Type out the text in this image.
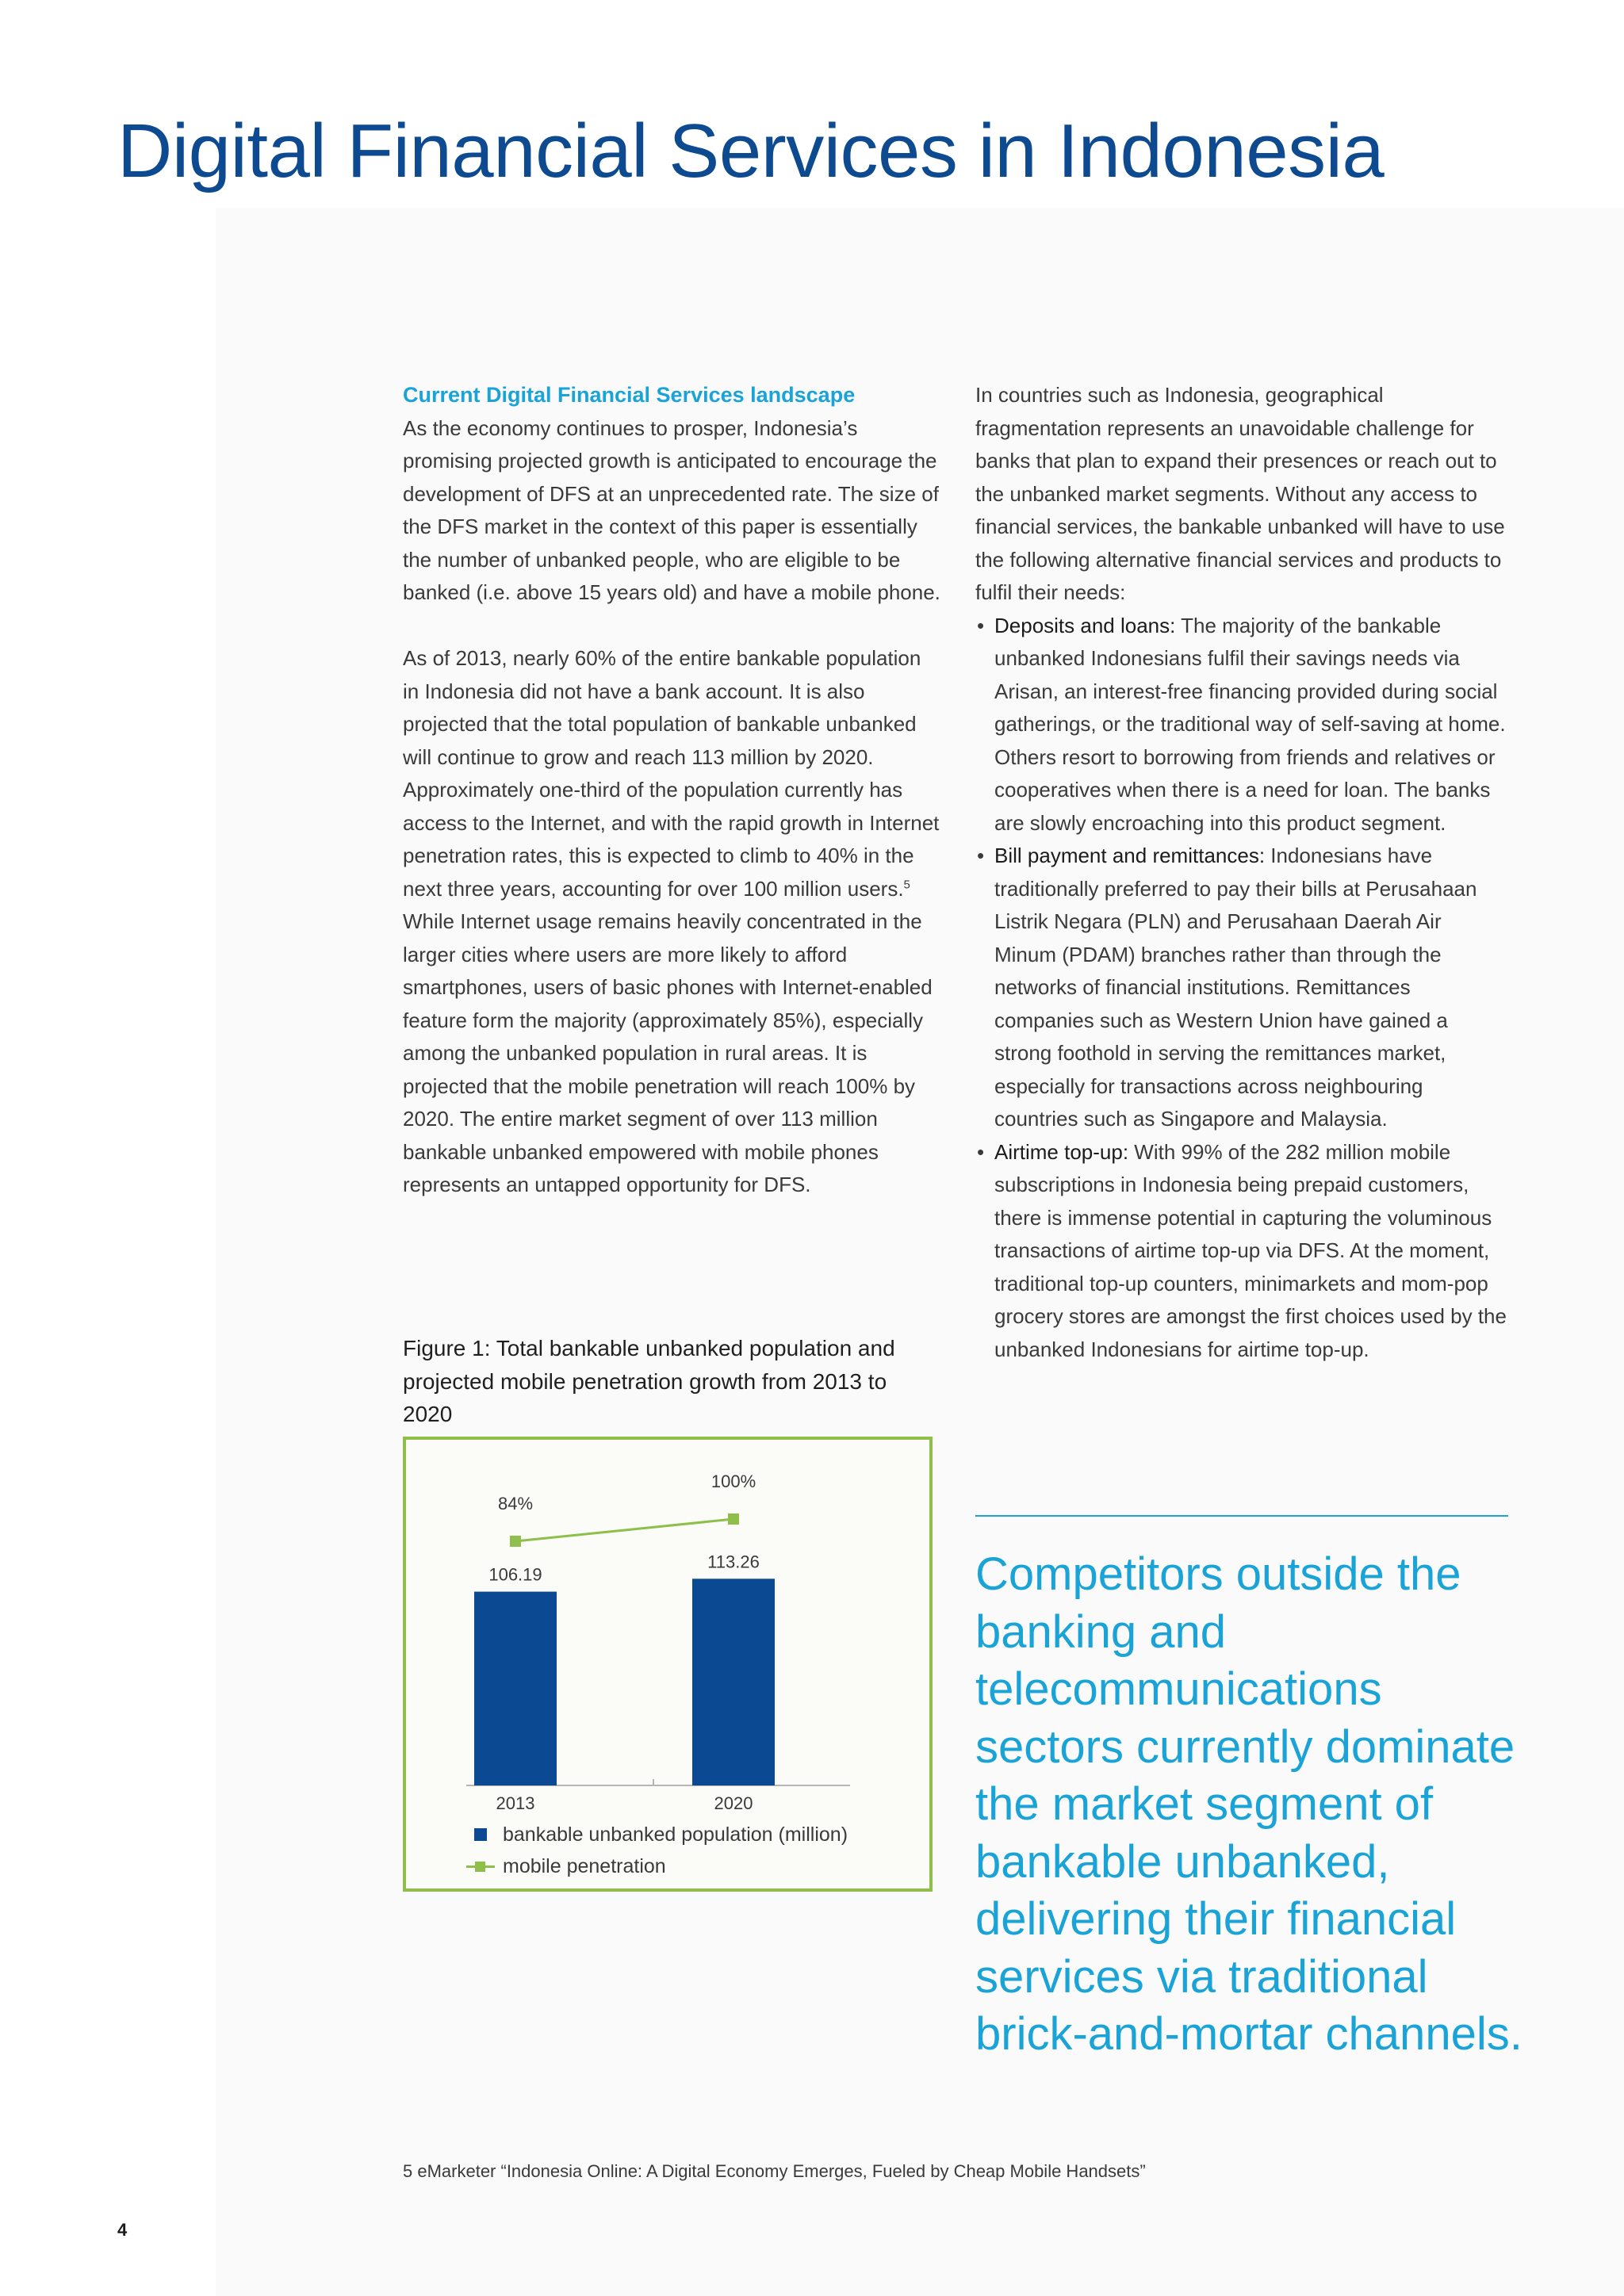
Digital Financial Services in Indonesia
Current Digital Financial Services landscape

As the economy continues to prosper, Indonesia’s promising projected growth is anticipated to encourage the development of DFS at an unprecedented rate. The size of the DFS market in the context of this paper is essentially the number of unbanked people, who are eligible to be banked (i.e. above 15 years old) and have a mobile phone.

As of 2013, nearly 60% of the entire bankable population in Indonesia did not have a bank account. It is also projected that the total population of bankable unbanked will continue to grow and reach 113 million by 2020. Approximately one-third of the population currently has access to the Internet, and with the rapid growth in Internet penetration rates, this is expected to climb to 40% in the next three years, accounting for over 100 million users.$^5$ While Internet usage remains heavily concentrated in the larger cities where users are more likely to afford smartphones, users of basic phones with Internet-enabled feature form the majority (approximately 85%), especially among the unbanked population in rural areas. It is projected that the mobile penetration will reach 100% by 2020. The entire market segment of over 113 million bankable unbanked empowered with mobile phones represents an untapped opportunity for DFS.

Figure 1: Total bankable unbanked population and projected mobile penetration growth from 2013 to 2020

106.19
2013
113.26
2020
84%
100%
bankable unbanked population (million)
mobile penetration

In countries such as Indonesia, geographical fragmentation represents an unavoidable challenge for banks that plan to expand their presences or reach out to the unbanked market segments. Without any access to financial services, the bankable unbanked will have to use the following alternative financial services and products to fulfil their needs:

• Deposits and loans: The majority of the bankable unbanked Indonesians fulfil their savings needs via Arisan, an interest-free financing provided during social gatherings, or the traditional way of self-saving at home. Others resort to borrowing from friends and relatives or cooperatives when there is a need for loan. The banks are slowly encroaching into this product segment.
• Bill payment and remittances: Indonesians have traditionally preferred to pay their bills at Perusahaan Listrik Negara (PLN) and Perusahaan Daerah Air Minum (PDAM) branches rather than through the networks of financial institutions. Remittances companies such as Western Union have gained a strong foothold in serving the remittances market, especially for transactions across neighbouring countries such as Singapore and Malaysia.
• Airtime top-up: With 99% of the 282 million mobile subscriptions in Indonesia being prepaid customers, there is immense potential in capturing the voluminous transactions of airtime top-up via DFS. At the moment, traditional top-up counters, minimarkets and mom-pop grocery stores are amongst the first choices used by the unbanked Indonesians for airtime top-up.

Competitors outside the banking and telecommunications sectors currently dominate the market segment of bankable unbanked, delivering their financial services via traditional brick-and-mortar channels.

5 eMarketer “Indonesia Online: A Digital Economy Emerges, Fueled by Cheap Mobile Handsets”
4
